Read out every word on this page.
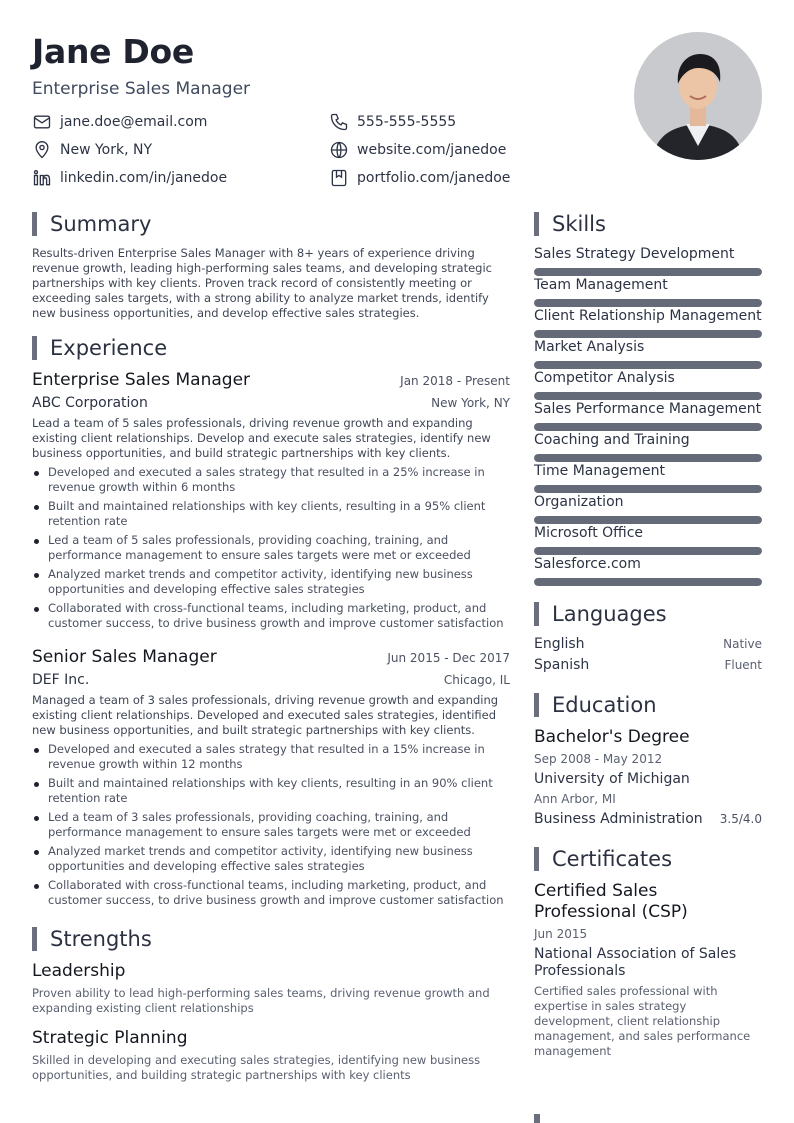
Jane Doe
Enterprise Sales Manager
jane.doe@email.com	555-555-5555
New York, NY	website.com/janedoe
linkedin.com/in/janedoe	portfolio.com/janedoe
Summary
Results-driven Enterprise Sales Manager with 8+ years of experience driving revenue growth, leading high-performing sales teams, and developing strategic partnerships with key clients. Proven track record of consistently meeting or exceeding sales targets, with a strong ability to analyze market trends, identify new business opportunities, and develop effective sales strategies.
Experience
Enterprise Sales Manager	Jan 2018 - Present
ABC Corporation	New York, NY
Lead a team of 5 sales professionals, driving revenue growth and expanding existing client relationships. Develop and execute sales strategies, identify new business opportunities, and build strategic partnerships with key clients.
Developed and executed a sales strategy that resulted in a 25% increase in revenue growth within 6 months
Built and maintained relationships with key clients, resulting in a 95% client retention rate
Led a team of 5 sales professionals, providing coaching, training, and performance management to ensure sales targets were met or exceeded
Analyzed market trends and competitor activity, identifying new business opportunities and developing effective sales strategies
Collaborated with cross-functional teams, including marketing, product, and customer success, to drive business growth and improve customer satisfaction
Senior Sales Manager	Jun 2015 - Dec 2017
DEF Inc.	Chicago, IL
Managed a team of 3 sales professionals, driving revenue growth and expanding existing client relationships. Developed and executed sales strategies, identified new business opportunities, and built strategic partnerships with key clients.
Developed and executed a sales strategy that resulted in a 15% increase in revenue growth within 12 months
Built and maintained relationships with key clients, resulting in an 90% client retention rate
Led a team of 3 sales professionals, providing coaching, training, and performance management to ensure sales targets were met or exceeded
Analyzed market trends and competitor activity, identifying new business opportunities and developing effective sales strategies
Collaborated with cross-functional teams, including marketing, product, and customer success, to drive business growth and improve customer satisfaction
Strengths
Leadership
Proven ability to lead high-performing sales teams, driving revenue growth and expanding existing client relationships
Strategic Planning
Skilled in developing and executing sales strategies, identifying new business opportunities, and building strategic partnerships with key clients
Skills
Sales Strategy Development
Team Management
Client Relationship Management
Market Analysis
Competitor Analysis
Sales Performance Management
Coaching and Training
Time Management
Organization
Microsoft Office
Salesforce.com
Languages
English	Native
Spanish	Fluent
Education
Bachelor's Degree
Sep 2008 - May 2012
University of Michigan
Ann Arbor, MI
Business Administration 3.5/4.0
Certificates
Certified Sales Professional (CSP)
Jun 2015
National Association of Sales Professionals
Certified sales professional with expertise in sales strategy development, client relationship management, and sales performance management
